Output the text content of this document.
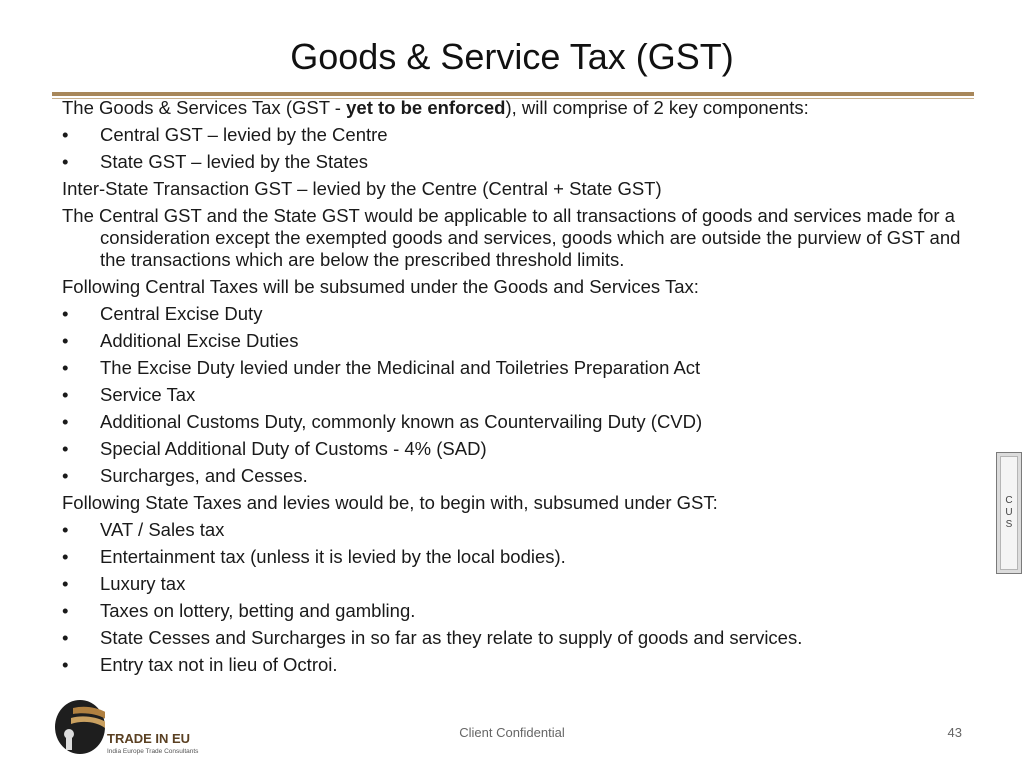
Goods & Service Tax (GST)

The Goods & Services Tax (GST - yet to be enforced), will comprise of 2 key components:

•	Central GST – levied by the Centre
•	State GST – levied by the States

Inter-State Transaction GST – levied by the Centre (Central + State GST)

The Central GST and the State GST would be applicable to all transactions of goods and services made for a consideration except the exempted goods and services, goods which are outside the purview of GST and the transactions which are below the prescribed threshold limits.

Following Central Taxes will be subsumed under the Goods and Services Tax:

•	Central Excise Duty
•	Additional Excise Duties
•	The Excise Duty levied under the Medicinal and Toiletries Preparation Act
•	Service Tax
•	Additional Customs Duty, commonly known as Countervailing Duty (CVD)
•	Special Additional Duty of Customs - 4% (SAD)
•	Surcharges, and Cesses.

Following State Taxes and levies would be, to begin with, subsumed under GST:

•	VAT / Sales tax
•	Entertainment tax (unless it is levied by the local bodies).
•	Luxury tax
•	Taxes on lottery, betting and gambling.
•	State Cesses and Surcharges in so far as they relate to supply of goods and services.
•	Entry tax not in lieu of Octroi.
C
U
S
TRADE IN EU
India Europe Trade Consultants
Client Confidential	43
